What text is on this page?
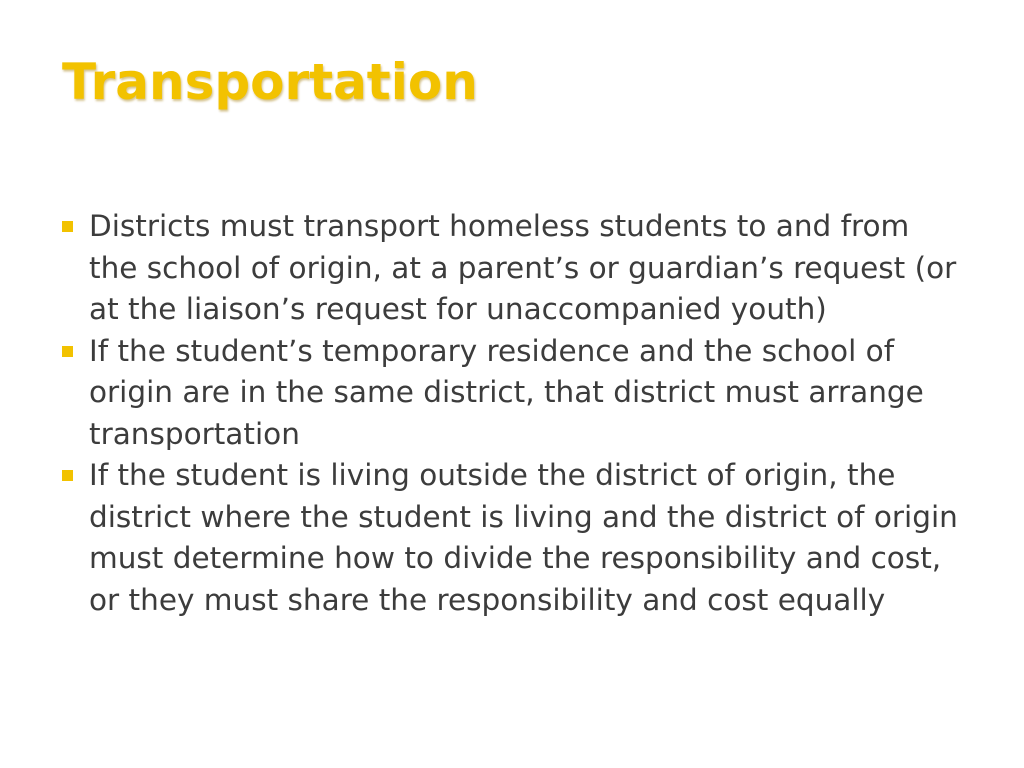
Transportation
Districts must transport homeless students to and from the school of origin, at a parent’s or guardian’s request (or at the liaison’s request for unaccompanied youth)
If the student’s temporary residence and the school of origin are in the same district, that district must arrange transportation
If the student is living outside the district of origin, the district where the student is living and the district of origin must determine how to divide the responsibility and cost, or they must share the responsibility and cost equally
